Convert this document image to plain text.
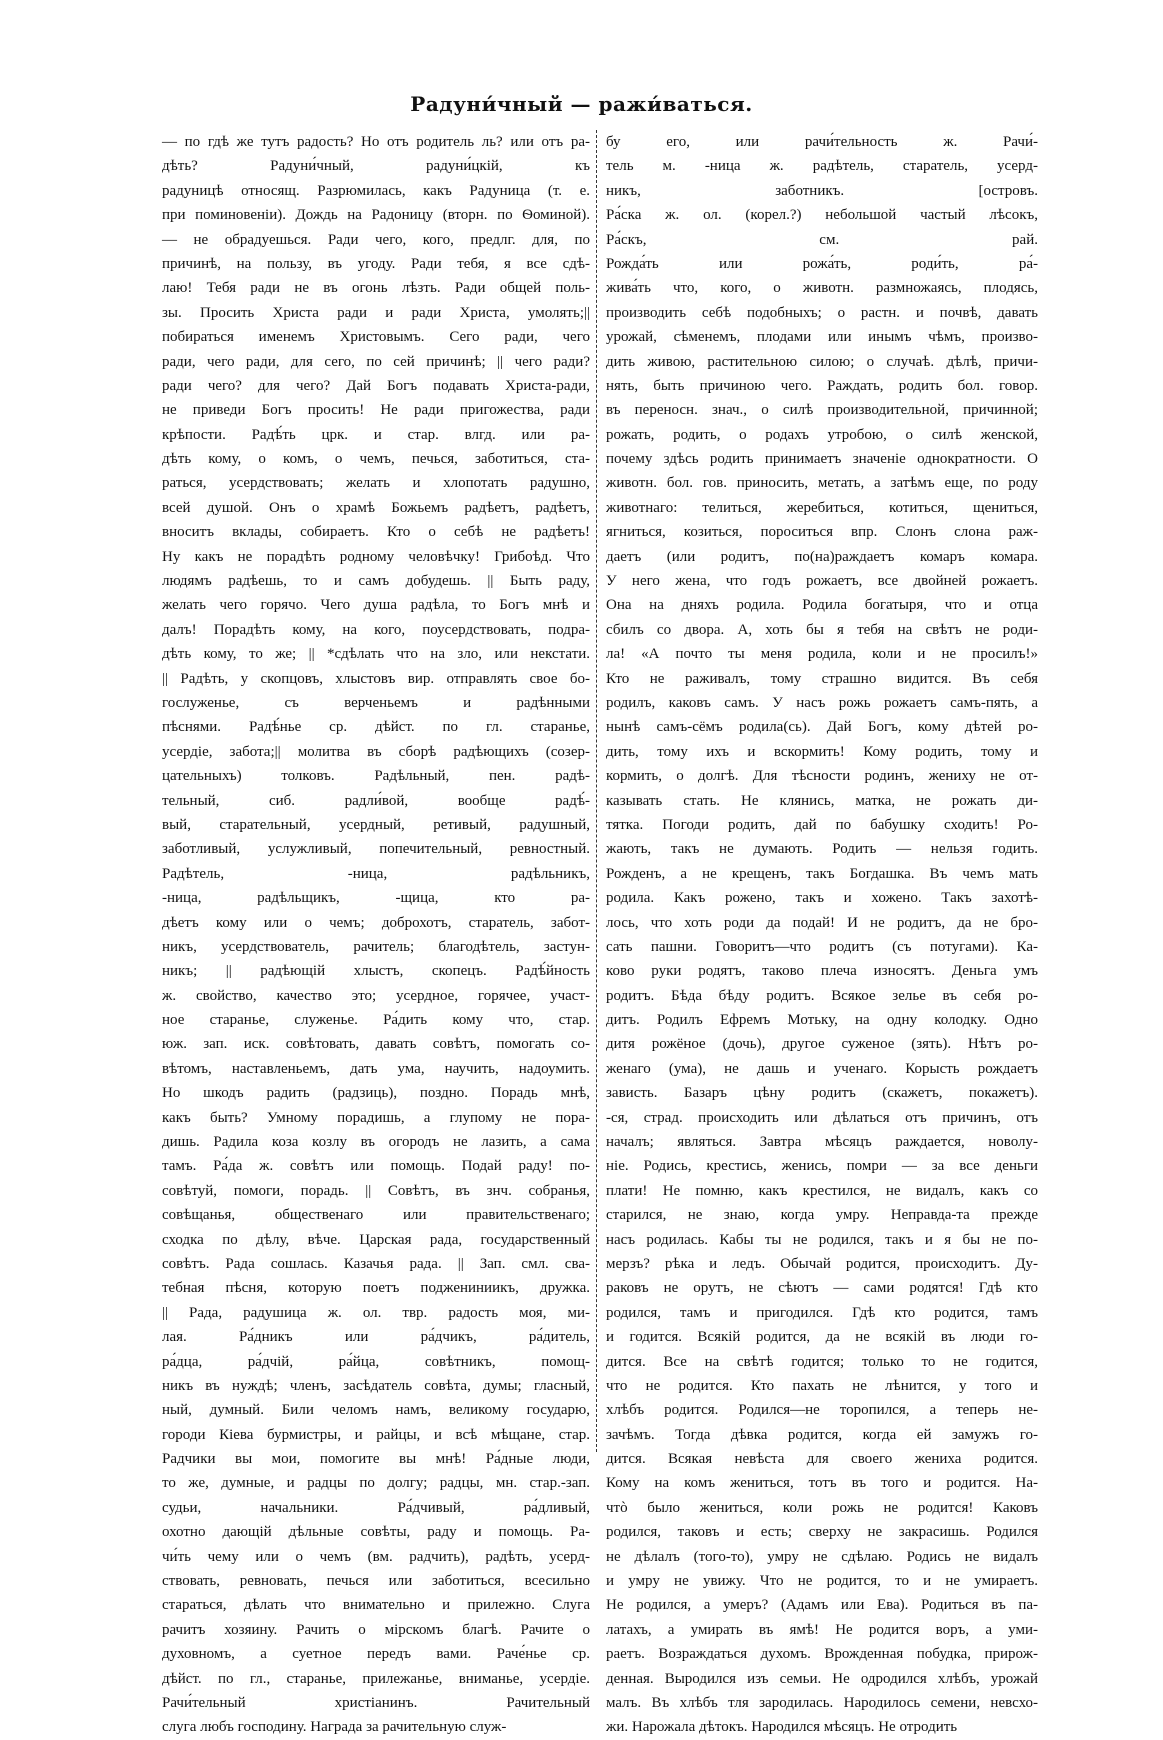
Радуни́чный — ражи́ваться.
— по гдѣ же тутъ радость? Но отъ родитель ль? или отъ ра-
дѣть? Радуни́чный, радуни́цкій, къ
радуницѣ относящ. Разрюмилась, какъ Радуница (т. е.
при поминовеніи). Дождь на Радоницу (вторн. по Ѳоминой).
— не обрадуешься. Ради чего, кого, предлг. для, по
причинѣ, на пользу, въ угоду. Ради тебя, я все сдѣ-
лаю! Тебя ради не въ огонь лѣзть. Ради общей поль-
зы. Просить Христа ради и ради Христа, умолять;||
побираться именемъ Христовымъ. Сего ради, чего
ради, чего ради, для сего, по сей причинѣ; || чего ради?
ради чего? для чего? Дай Богъ подавать Христа-ради,
не приведи Богъ просить! Не ради пригожества, ради
крѣпости. Радѣ́ть црк. и стар. влгд. или ра-
дѣть кому, о комъ, о чемъ, печься, заботиться, ста-
раться, усердствовать; желать и хлопотать радушно,
всей душой. Онъ о храмѣ Божьемъ радѣетъ, радѣетъ,
вноситъ вклады, собираетъ. Кто о себѣ не радѣетъ!
Ну какъ не порадѣть родному человѣчку! Грибоѣд. Что
людямъ радѣешь, то и самъ добудешь. || Быть раду,
желать чего горячо. Чего душа радѣла, то Богъ мнѣ и
далъ! Порадѣть кому, на кого, поусердствовать, подра-
дѣть кому, то же; || *сдѣлать что на зло, или некстати.
|| Радѣть, у скопцовъ, хлыстовъ вир. отправлять свое бо-
гослуженье, съ верченьемъ и радѣнными
пѣснями. Радѣ́нье ср. дѣйст. по гл. старанье,
усердіе, забота;|| молитва въ сборѣ радѣющихъ (созер-
цательныхъ) толковъ. Радѣльный, пен. радѣ-
тельный, сиб. радли́вой, вообще радѣ́-
вый, старательный, усердный, ретивый, радушный,
заботливый, услужливый, попечительный, ревностный.
Радѣтель, -ница, радѣльникъ,
-ница, радѣльщикъ, -щица, кто ра-
дѣетъ кому или о чемъ; доброхотъ, старатель, забот-
никъ, усердствователь, рачитель; благодѣтель, застун-
никъ; || радѣющій хлыстъ, скопецъ. Радѣ́йность
ж. свойство, качество это; усердное, горячее, участ-
ное старанье, служенье. Ра́дить кому что, стар.
юж. зап. иск. совѣтовать, давать совѣтъ, помогать со-
вѣтомъ, наставленьемъ, дать ума, научить, надоумить.
Но шкодъ радить (радзиць), поздно. Порадь мнѣ,
какъ быть? Умному порадишь, а глупому не пора-
дишь. Радила коза козлу въ огородъ не лазить, а сама
тамъ. Ра́да ж. совѣтъ или помощь. Подай раду! по-
совѣтуй, помоги, порадь. || Совѣтъ, въ знч. собранья,
совѣщанья, общественаго или правительственаго;
сходка по дѣлу, вѣче. Царская рада, государственный
совѣтъ. Рада сошлась. Казачья рада. || Зап. смл. сва-
тебная пѣсня, которую поетъ поджениниикъ, дружка.
|| Рада, радушица ж. ол. твр. радость моя, ми-
лая. Ра́дникъ или ра́дчикъ, ра́дитель,
ра́дца, ра́дчій, ра́йца, совѣтникъ, помощ-
никъ въ нуждѣ; членъ, засѣдатель совѣта, думы; гласный,
ный, думный. Били челомъ намъ, великому государю,
городи Кіева бурмистры, и райцы, и всѣ мѣщане, стар.
Радчики вы мои, помогите вы мнѣ! Ра́дные люди,
то же, думные, и радцы по долгу; радцы, мн. стар.-зап.
судьи, начальники. Ра́дчивый, ра́дливый,
охотно дающій дѣльные совѣты, раду и помощь. Ра-
чи́ть чему или о чемъ (вм. радчить), радѣть, усерд-
ствовать, ревновать, печься или заботиться, всесильно
стараться, дѣлать что внимательно и прилежно. Слуга
рачитъ хозяину. Рачить о мірскомъ благѣ. Рачите о
духовномъ, а суетное передъ вами. Раче́нье ср.
дѣйст. по гл., старанье, прилежанье, вниманье, усердіе.
Рачи́тельный христіанинъ. Рачительный
слуга любъ господину. Награда за рачительную служ-
бу его, или рачи́тельность ж. Рачи́-
тель м. -ница ж. радѣтель, старатель, усерд-
никъ, заботникъ. [островъ.
Ра́ска ж. ол. (корел.?) небольшой частый лѣсокъ,
Ра́скъ, см. рай.
Рожда́ть или рожа́ть, роди́ть, ра́-
жива́ть что, кого, о животн. размножаясь, плодясь,
производить себѣ подобныхъ; о растн. и почвѣ, давать
урожай, сѣменемъ, плодами или инымъ чѣмъ, произво-
дить живою, растительною силою; о случаѣ. дѣлѣ, причи-
нять, быть причиною чего. Раждать, родить бол. говор.
въ переносн. знач., о силѣ производительной, причинной;
рожать, родить, о родахъ утробою, о силѣ женской,
почему здѣсь родить принимаетъ значеніе однократности. О
животн. бол. гов. приносить, метать, а затѣмъ еще, по роду
животнаго: телиться, жеребиться, котиться, щениться,
ягниться, козиться, пороситься впр. Слонъ слона раж-
даетъ (или родитъ, по(на)раждаетъ комаръ комара.
У него жена, что годъ рожаетъ, все двойней рожаетъ.
Она на дняхъ родила. Родила богатыря, что и отца
сбилъ со двора. А, хоть бы я тебя на свѣтъ не роди-
ла! «А почто ты меня родила, коли и не просилъ!»
Кто не раживалъ, тому страшно видится. Въ себя
родилъ, каковъ самъ. У насъ рожь рожаетъ самъ-пять, а
нынѣ самъ-сёмъ родила(сь). Дай Богъ, кому дѣтей ро-
дить, тому ихъ и вскормить! Кому родить, тому и
кормить, о долгѣ. Для тѣсности родинъ, жениху не от-
казывать стать. Не клянись, матка, не рожать ди-
тятка. Погоди родить, дай по бабушку сходить! Ро-
жають, такъ не думають. Родить — нельзя годить.
Рожденъ, а не крещенъ, такъ Богдашка. Въ чемъ мать
родила. Какъ рожено, такъ и хожено. Такъ захотѣ-
лось, что хоть роди да подай! И не родитъ, да не бро-
сать пашни. Говоритъ—что родитъ (съ потугами). Ка-
ково руки родятъ, таково плеча износятъ. Деньга умъ
родитъ. Бѣда бѣду родитъ. Всякое зелье въ себя ро-
дитъ. Родилъ Ефремъ Мотьку, на одну колодку. Одно
дитя рожёное (дочь), другое суженое (зять). Нѣтъ ро-
женаго (ума), не дашь и ученаго. Корысть рождаетъ
зависть. Базаръ цѣну родитъ (скажетъ, покажетъ).
-ся, страд. происходить или дѣлаться отъ причинъ, отъ
началъ; являться. Завтра мѣсяцъ раждается, новолу-
ніе. Родись, крестись, женись, помри — за все деньги
плати! Не помню, какъ крестился, не видалъ, какъ со
старился, не знаю, когда умру. Неправда-та прежде
насъ родилась. Кабы ты не родился, такъ и я бы не по-
мерзъ? рѣка и ледъ. Обычай родится, происходитъ. Ду-
раковъ не орутъ, не сѣютъ — сами родятся! Гдѣ кто
родился, тамъ и пригодился. Гдѣ кто родится, тамъ
и годится. Всякій родится, да не всякій въ люди го-
дится. Все на свѣтѣ годится; только то не годится,
что не родится. Кто пахать не лѣнится, у того и
хлѣбъ родится. Родился—не торопился, а теперь не-
зачѣмъ. Тогда дѣвка родится, когда ей замужъ го-
дится. Всякая невѣста для своего жениха родится.
Кому на комъ жениться, тотъ въ того и родится. На-
чтò было жениться, коли рожь не родится! Каковъ
родился, таковъ и есть; сверху не закрасишь. Родился
не дѣлалъ (того-то), умру не сдѣлаю. Родись не видалъ
и умру не увижу. Что не родится, то и не умираетъ.
Не родился, а умеръ? (Адамъ или Ева). Родиться въ па-
латахъ, а умирать въ ямѣ! Не родится воръ, а уми-
раетъ. Возраждаться духомъ. Врожденная побудка, прирож-
денная. Выродился изъ семьи. Не одродился хлѣбъ, урожай
малъ. Въ хлѣбъ тля зародилась. Народилось семени, невсхо-
жи. Нарожала дѣтокъ. Народился мѣсяцъ. Не отродить
